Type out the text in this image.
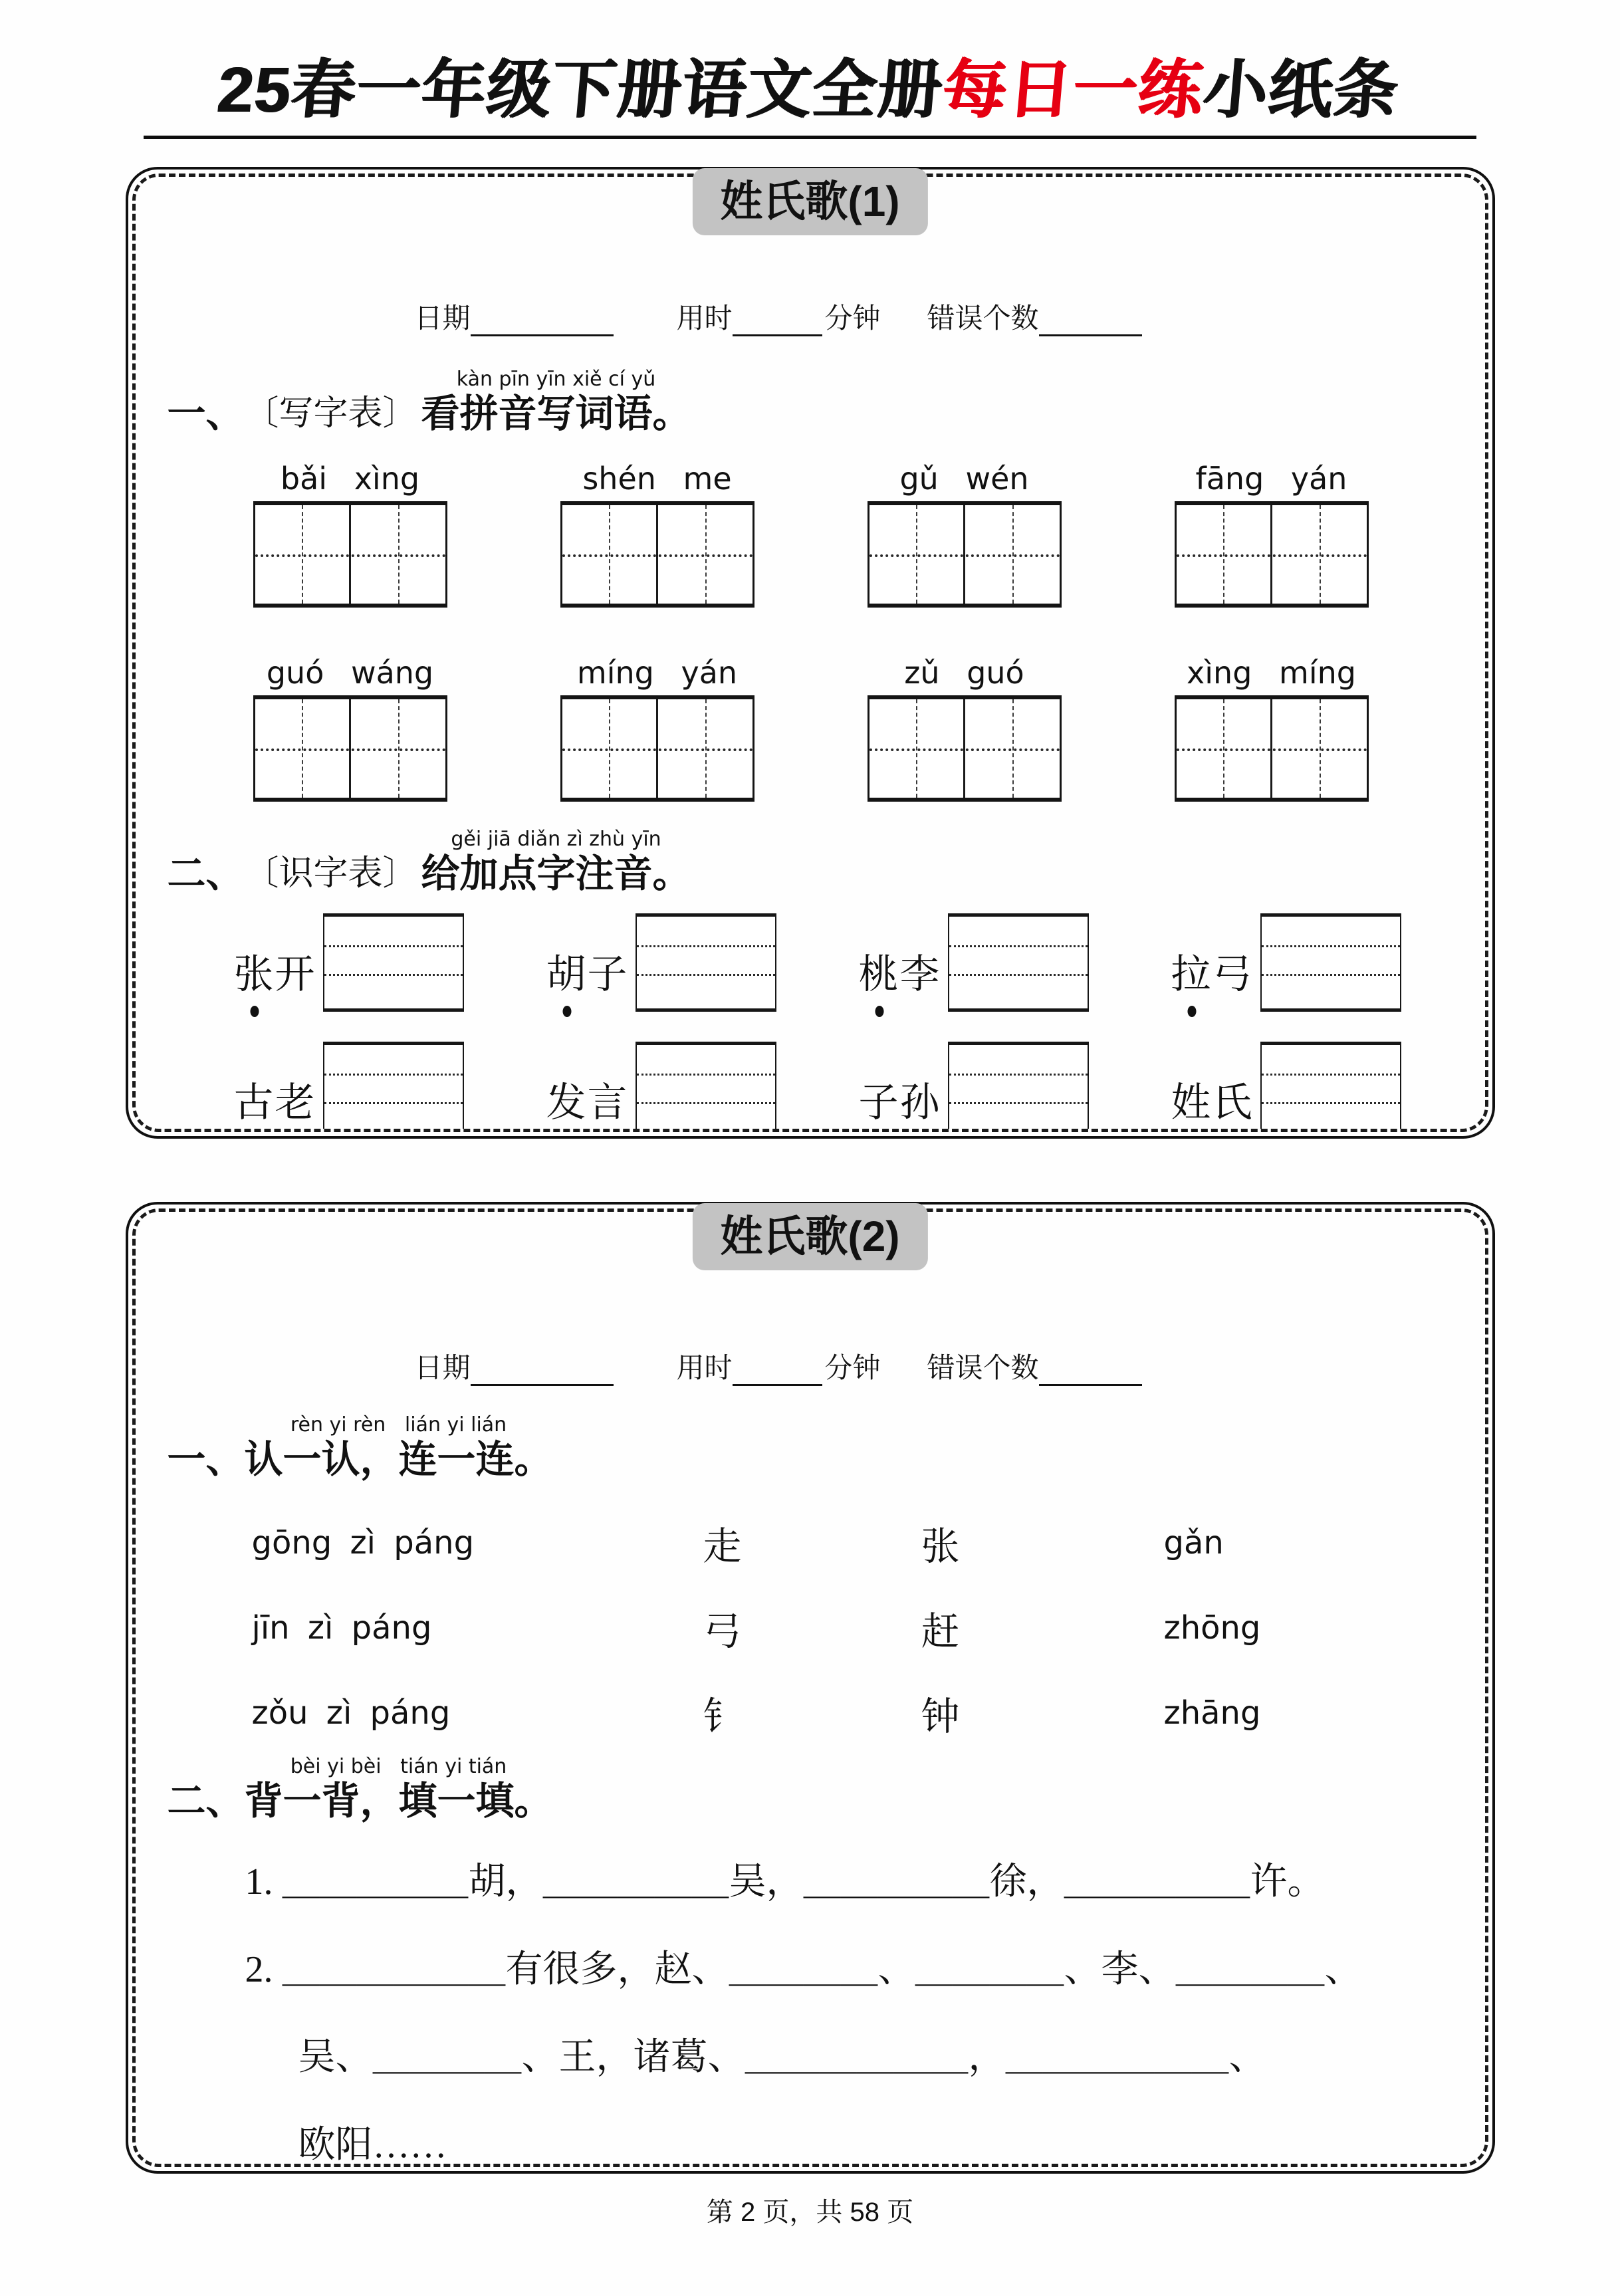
25春一年级下册语文全册每日一练小纸条
姓氏歌(1)
日期	用时	分钟 错误个数
一、 〔写字表〕
kàn pīn yīn xiě cí yǔ
看拼音写词语。
bǎi xìng	shén me	gǔ wén	fāng yán
guó wáng	míng yán	zǔ guó	xìng míng
二、 〔识字表〕
gěi jiā diǎn zì zhù yīn
给加点字注音。
张开	胡子	桃李	拉弓
古老	发言	子孙	姓氏
姓氏歌(2)
日期	用时	分钟 错误个数
一、
rèn yi rèn   lián yi lián
认一认，连一连。
gōng zì páng	走	张	gǎn
jīn zì páng	弓	赶	zhōng
zǒu zì páng	钅	钟	zhāng
二、
bèi yi bèi   tián yi tián
背一背，填一填。
1. ＿＿＿＿＿胡，＿＿＿＿＿吴，＿＿＿＿＿徐，＿＿＿＿＿许。
2. ＿＿＿＿＿＿有很多，赵、＿＿＿＿、＿＿＿＿、李、＿＿＿＿、
吴、＿＿＿＿、王，诸葛、＿＿＿＿＿＿，＿＿＿＿＿＿、
欧阳……
第 2 页，共 58 页
